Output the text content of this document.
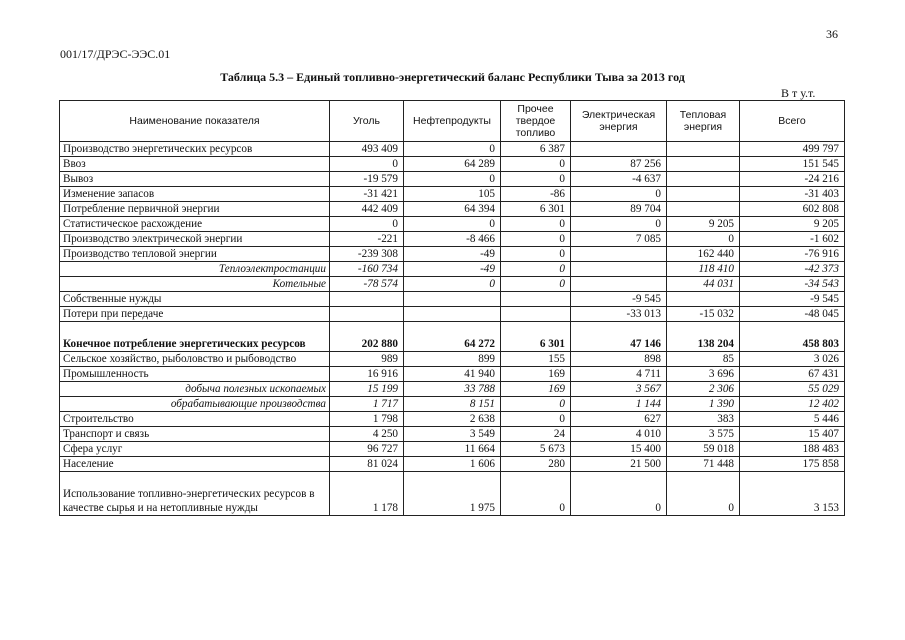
36
001/17/ДРЭС-ЭЭС.01
Таблица 5.3 – Единый топливно-энергетический баланс Республики Тыва за 2013 год
В т у.т.
Наименование показателя	Уголь	Нефтепродукты	Прочее твердое топливо	Электрическая энергия	Тепловая энергия	Всего
Производство энергетических ресурсов	493 409	0	6 387			499 797
Ввоз	0	64 289	0	87 256		151 545
Вывоз	-19 579	0	0	-4 637		-24 216
Изменение запасов	-31 421	105	-86	0		-31 403
Потребление первичной энергии	442 409	64 394	6 301	89 704		602 808
Статистическое расхождение	0	0	0	0	9 205	9 205
Производство электрической энергии	-221	-8 466	0	7 085	0	-1 602
Производство тепловой энергии	-239 308	-49	0		162 440	-76 916
Теплоэлектростанции	-160 734	-49	0		118 410	-42 373
Котельные	-78 574	0	0		44 031	-34 543
Собственные нужды				-9 545		-9 545
Потери при передаче				-33 013	-15 032	-48 045
Конечное потребление энергетических ресурсов	202 880	64 272	6 301	47 146	138 204	458 803
Сельское хозяйство, рыболовство и рыбоводство	989	899	155	898	85	3 026
Промышленность	16 916	41 940	169	4 711	3 696	67 431
добыча полезных ископаемых	15 199	33 788	169	3 567	2 306	55 029
обрабатывающие производства	1 717	8 151	0	1 144	1 390	12 402
Строительство	1 798	2 638	0	627	383	5 446
Транспорт и связь	4 250	3 549	24	4 010	3 575	15 407
Сфера услуг	96 727	11 664	5 673	15 400	59 018	188 483
Население	81 024	1 606	280	21 500	71 448	175 858
Использование топливно-энергетических ресурсов в качестве сырья и на нетопливные нужды	1 178	1 975	0	0	0	3 153
